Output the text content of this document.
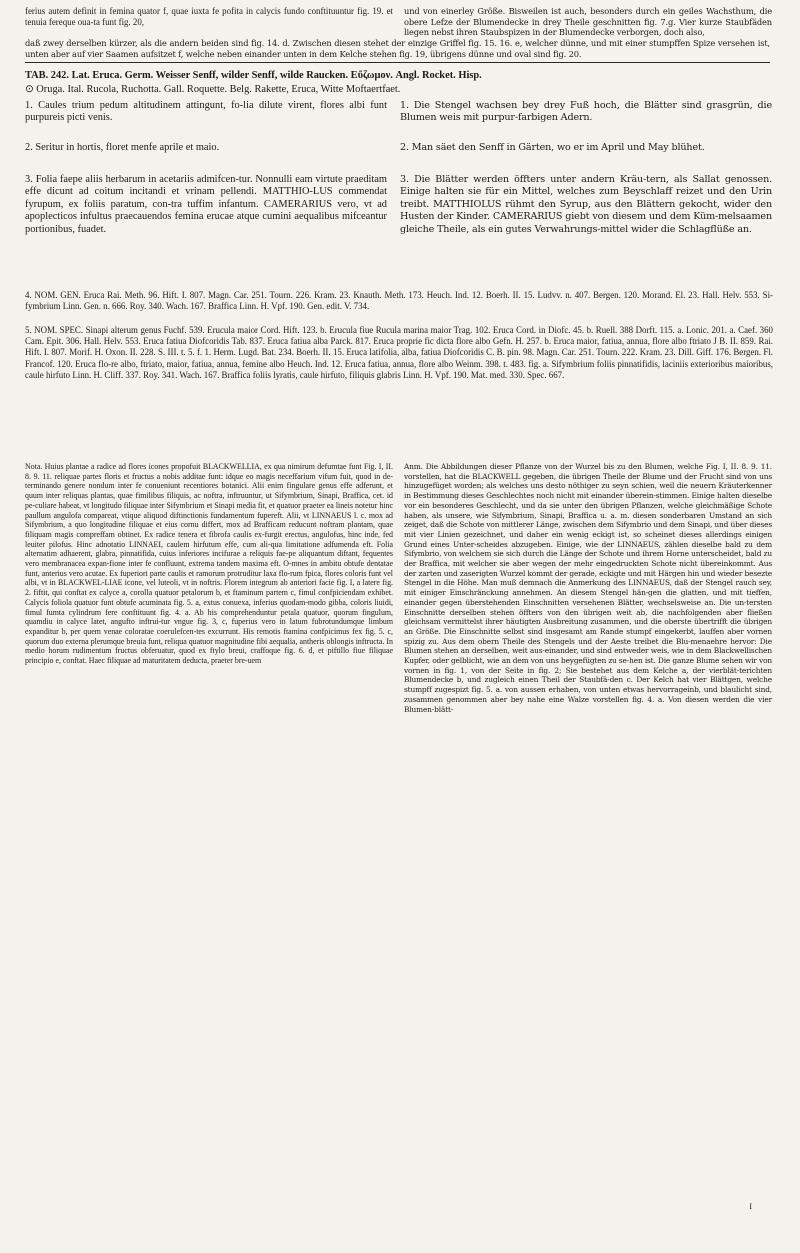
ferius autem definit in femina quator f, quae iuxta fe pofita in calycis fundo conftituuntur fig. 19. et tenuia fereque oua-ta funt fig. 20,
und von einerley Größe. Bisweilen ist auch, besonders durch ein geiles Wachsthum, die obere Lefze der Blumendecke in drey Theile geschnitten fig. 7.g. Vier kurze Staubfäden liegen nebst ihren Staubspizen in der Blumendecke verborgen, doch also,
daß zwey derselben kürzer, als die andern beiden sind fig. 14. d. Zwischen diesen stehet der einzige Griffel fig. 15. 16. e, welcher dünne, und mit einer stumpffen Spize versehen ist, unten aber auf vier Saamen aufsitzet f, welche neben einander unten in dem Kelche stehen fig. 19, übrigens dünne und oval sind fig. 20.
TAB. 242. Lat. Eruca. Germ. Weisser Senff, wilder Senff, wilde Raucken. Εὔζωμον. Angl. Rocket. Hisp.
⊙ Oruga. Ital. Rucola, Ruchotta. Gall. Roquette. Belg. Rakette, Eruca, Witte Moftaertfaet.
1. Caules trium pedum altitudinem attingunt, fo-lia dilute virent, flores albi funt purpureis picti venis.
1. Die Stengel wachsen bey drey Fuß hoch, die Blätter sind grasgrün, die Blumen weis mit purpur-farbigen Adern.
2. Seritur in hortis, floret menfe aprile et maio.	2. Man säet den Senff in Gärten, wo er im April und May blühet.
3. Folia faepe aliis herbarum in acetariis admifcen-tur. Nonnulli eam virtute praeditam effe dicunt ad coitum incitandi et vrinam pellendi. MATTHIO-LUS commendat fyrupum, ex foliis paratum, con-tra tuffim infantum. CAMERARIUS vero, vt ad apoplecticos infultus praecauendos femina erucae atque cumini aequalibus mifceantur portionibus, fuadet.
3. Die Blätter werden öffters unter andern Kräu-tern, als Sallat genossen. Einige halten sie für ein Mittel, welches zum Beyschlaff reizet und den Urin treibt. MATTHIOLUS rühmt den Syrup, aus den Blättern gekocht, wider den Husten der Kinder. CAMERARIUS giebt von diesem und dem Küm-melsaamen gleiche Theile, als ein gutes Verwahrungs-mittel wider die Schlagflüße an.
4. NOM. GEN. Eruca Rai. Meth. 96. Hift. I. 807. Magn. Car. 251. Tourn. 226. Kram. 23. Knauth. Meth. 173. Heuch. Ind. 12. Boerh. II. 15. Ludvv. n. 407. Bergen. 120. Morand. El. 23. Hall. Helv. 553. Si-fymbrium Linn. Gen. n. 666. Roy. 340. Wach. 167. Braffica Linn. H. Vpf. 190. Gen. edit. V. 734.
5. NOM. SPEC. Sinapi alterum genus Fuchf. 539. Erucula maior Cord. Hift. 123. b. Erucula fiue Rucula marina maior Trag. 102. Eruca Cord. in Diofc. 45. b. Ruell. 388 Dorft. 115. a. Lonic. 201. a. Caef. 360 Cam. Epit. 306. Hall. Helv. 553. Eruca fatiua Diofcoridis Tab. 837. Eruca fatiua alba Parck. 817. Eruca proprie fic dicta flore albo Gefn. H. 257. b. Eruca maior, fatiua, annua, flore albo ftriato J B. II. 859. Rai. Hift. I. 807. Morif. H. Oxon. II. 228. S. III. t. 5. f. 1. Herm. Lugd. Bat. 234. Boerh. II. 15. Eruca latifolia, alba, fatiua Diofcoridis C. B. pin. 98. Magn. Car. 251. Tourn. 222. Kram. 23. Dill. Giff. 176. Bergen. Fl. Francof. 120. Eruca flo-re albo, ftriato, maior, fatiua, annua, femine albo Heuch. Ind. 12. Eruca fatiua, annua, flore albo Weinm. 398. t. 483. fig. a. Sifymbrium foliis pinnatifidis, laciniis exterioribus maioribus, caule hirfuto Linn. H. Cliff. 337. Roy. 341. Wach. 167. Braffica foliis lyratis, caule hirfuto, filiquis glabris Linn. H. Vpf. 190. Mat. med. 330. Spec. 667.
Nota. Huius plantae a radice ad flores icones propofuit BLACKWELLIA, ex qua nimirum defumtae funt Fig. I, II. 8. 9. 11. reliquae partes floris et fructus a nobis additae funt: idque eo magis neceffarium vifum fuit, quod in de-terminando genere nondum inter fe conueniunt recentiores botanici. Alii enim fingulare genus effe adferunt, et quum inter reliquas plantas, quae fimilibus filiquis, ac noftra, inftruuntur, ut Sifymbrium, Sinapi, Braffica, cet. id pe-culiare habeat, vt longitudo filiquae inter Sifymbrium et Sinapi media fit, et quatuor praeter ea lineis notetur hinc paullum angulofa compareat, vtique aliquod diftinctionis fundamentum fupereft. Alii, vt LINNAEUS l. c. mox ad Sifymbrium, a quo longitudine filiquae et eius cornu differt, mox ad Brafficam reducunt noftram plantam, quae filiquam magis compreffam obtinet. Ex radice tenera et fibrofa caulis ex-furgit erectus, angulofus, hinc inde, fed leuiter pilofus. Hinc adnotatio LINNAEI, caulem hirfutum effe, cum ali-qua limitatione adfumenda eft. Folia alternatim adhaerent, glabra, pinnatifida, cuius inferiores incifurae a reliquis fae-pe aliquantum diftant, fequentes vero membranacea expan-fione inter fe confluunt, extrema tandem maxima eft. O-mnes in ambitu obtufe dentatae funt, anterius vero acutae. Ex fuperiori parte caulis et ramorum protruditur laxa flo-rum fpica, flores coloris funt vel albi, vt in BLACKWEL-LIAE icone, vel luteoli, vt in noftris. Florem integrum ab anteriori facie fig. I, a latere fig. 2. fiftit, qui conftat ex calyce a, corolla quatuor petalorum b, et ftaminum partem c, fimul confpiciendam exhibet. Calycis foliola quatuor funt obtufe acuminata fig. 5. a, extus conuexa, inferius quodam-modo gibba, coloris liuidi, fimul fumta cylindrum fere conftituunt fig. 4. a. Ab his comprehenduntur petala quatuor, quorum fingulum, quamdiu in calyce latet, angufto inftrui-tur vngue fig. 3, c, fuperius vero in latum fubrotundumque limbum expanditur b, per quem venae coloratae coerulefcen-tes excurrunt. His remotis ftamina confpicimus fex fig. 5. c, quorum duo externa plerumque breuia funt, reliqua quatuor magnitudine fibi aequalia, antheris oblongis inftructa. In medio horum rudimentum fructus obferuatur, quod ex ftylo breui, craffoque fig. 6. d, et piftillo fiue filiquae principio e, conftat. Haec filiquae ad maturitatem deducta, praeter bre-uem
Anm. Die Abbildungen dieser Pflanze von der Wurzel bis zu den Blumen, welche Fig. I, II. 8. 9. 11. vorstellen, hat die BLACKWELL gegeben, die übrigen Theile der Blume und der Frucht sind von uns hinzugefüget worden; als welches uns desto nöthiger zu seyn schien, weil die neuern Kräuterkenner in Bestimmung dieses Geschlechtes noch nicht mit einander überein-stimmen. Einige halten dieselbe vor ein besonderes Geschlecht, und da sie unter den übrigen Pflanzen, welche gleichmäßige Schote haben, als unsere, wie Sifymbrium, Sinapi, Braffica u. a. m. diesen sonderbaren Umstand an sich zeiget, daß die Schote von mittlerer Länge, zwischen dem Sifymbrio und dem Sinapi, und über dieses mit vier Linien gezeichnet, und daher ein wenig eckigt ist, so scheinet dieses allerdings einigen Grund eines Unter-scheides abzugeben. Einige, wie der LINNAEUS, zählen dieselbe bald zu dem Sifymbrio, von welchem sie sich durch die Länge der Schote und ihrem Horne unterscheidet, bald zu der Braffica, mit welcher sie aber wegen der mehr eingedruckten Schote nicht übereinkommt. Aus der zarten und zaserigten Wurzel kommt der gerade, eckigte und mit Härgen hin und wieder besezte Stengel in die Höhe. Man muß demnach die Anmerkung des LINNAEUS, daß der Stengel rauch sey, mit einiger Einschränckung annehmen. An diesem Stengel hän-gen die glatten, und mit tieffen, einander gegen überstehenden Einschnitten versehenen Blätter, wechselsweise an. Die un-tersten Einschnitte derselben stehen öffters von den übrigen weit ab, die nachfolgenden aber fließen gleichsam vermittelst ihrer häutigten Ausbreitung zusammen, und die oberste übertrifft die übrigen an Größe. Die Einschnitte selbst sind insgesamt am Rande stumpf eingekerbt, lauffen aber vornen spizig zu. Aus dem obern Theile des Stengels und der Aeste treibet die Blu-menaehre hervor: Die Blumen stehen an derselben, weit aus-einander, und sind entweder weis, wie in dem Blackwellischen Kupfer, oder gelblicht, wie an dem von uns beygefügten zu se-hen ist. Die ganze Blume sehen wir von vornen in fig. 1, von der Seite in fig. 2; Sie bestehet aus dem Kelche a, der vierblät-terichten Blumendecke b, und zugleich einen Theil der Staubfä-den c. Der Kelch hat vier Blättgen, welche stumpff zugespizt fig. 5. a. von aussen erhaben, von unten etwas hervorrageinb, und blaulicht sind, zusammen genommen aber bey nahe eine Walze vorstellen fig. 4. a. Von diesen werden die vier Blumen-blätt-
I
